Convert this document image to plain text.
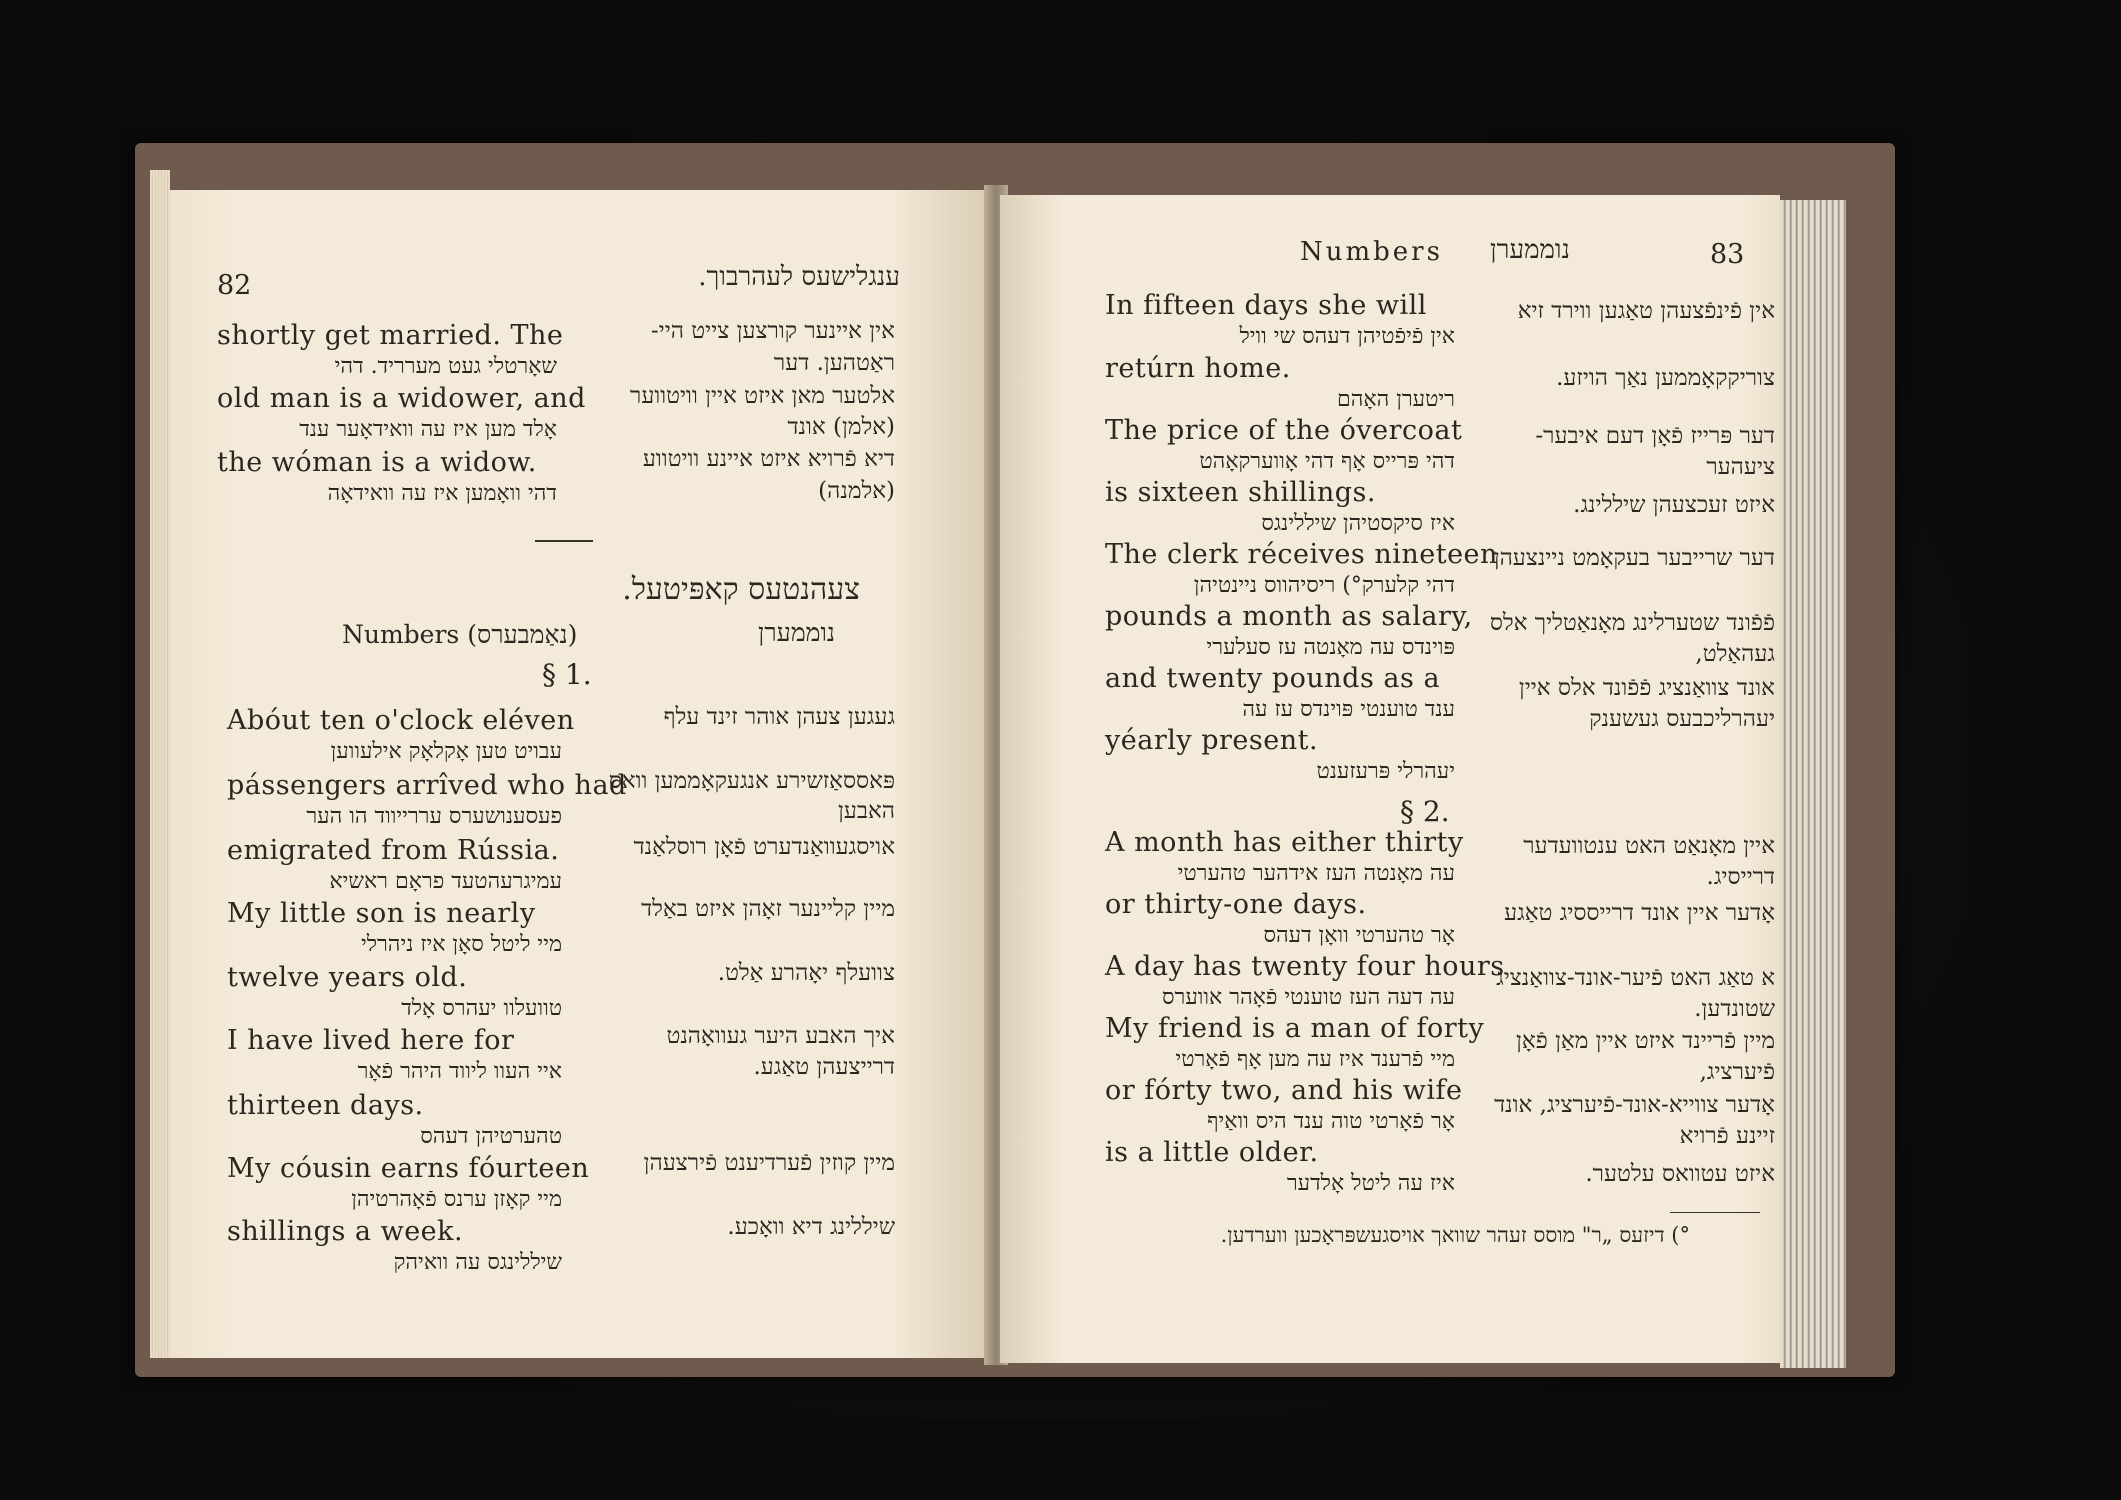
82	ענגלישעס לעהרבוך.
shortly get married. The
שאָרטלי געט מערריד. דהי
אין איינער קורצען צייט היי-
ראַטהען. דער
old man is a widower, and
אָלד מען איז עה וואידאָער ענד
אלטער מאן איזט איין וויטווער
(אלמן) אונד
the wóman is a widow.
דהי וואָמען איז עה וואידאָה
דיא פֿרויא איזט איינע וויטווע
(אלמנה)
צעהנטעס קאפּיטעל.
Numbers (נאַמבערס)	נוממערן
§ 1.
Abóut ten o'clock eléven
עבויט טען אָקלאָק אילעווען
געגען צעהן אוהר זינד עלף
pássengers arrîved who had
פעסענושערס עררייווד הו הער
פּאססאַזשירע אנגעקאָממען וואס
האבען
emigrated from Rússia.
עמיגרעהטעד פראָם ראשיא
אויסגעוואַנדערט פֿאָן רוסלאַנד
My little son is nearly
מיי ליטל סאָן איז ניהרלי
מיין קליינער זאָהן איזט באַלד
twelve years old.
טוועלוו יעהרס אָלד
צוועלף יאָהרע אַלט.
I have lived here for
איי העוו ליווד היהר פֿאָר
איך האבע היער געוואָהנט
דרייצעהן טאַגע.
thirteen days.
טהערטיהן דעהס
My cóusin earns fóurteen
מיי קאָזן ערנס פֿאָהרטיהן
מיין קוזין פֿערדיענט פֿירצעהן
shillings a week.
שיללינגס עה וואיהק
שיללינג דיא וואָכע.
Numbers	נוממערן	83
In fifteen days she will
אין פֿיפֿטיהן דעהס שי וויל
אין פֿינפֿצעהן טאַגען ווירד זיא
retúrn home.
ריטערן האָהם
צוריקקאָממען נאַך הויזע.
The price of the óvercoat
דהי פּרייס אָף דהי אָווערקאָהט
דער פּרייז פֿאָן דעם איבער-
ציעהער
is sixteen shillings.
איז סיקסטיהן שיללינגס
איזט זעכצעהן שיללינג.
The clerk réceives nineteen
דהי קלערק°) ריסיהווס ניינטיהן
דער שרייבער בעקאָמט ניינצעהן
pounds a month as salary,
פּוינדס עה מאָנטה עז סעלערי
פֿפֿונד שטערלינג מאָנאַטליך אלס
געהאַלט,
and twenty pounds as a
ענד טוענטי פּוינדס עז עה
אונד צוואַנציג פֿפֿונד אלס איין
יעהרליכבעס געשענק
yéarly present.
יעהרלי פּרעזענט
§ 2.
A month has either thirty
עה מאָנטה העז אידהער טהערטי
איין מאָנאַט האט ענטוועדער
דרייסיג.
or thirty-one days.
אָר טהערטי וואָן דעהס
אָדער איין אונד דרייססיג טאַגע
A day has twenty four hours
עה דעה העז טוענטי פֿאָהר אווערס
א טאַג האט פֿיער-אונד-צוואַנציג
שטונדען.
My friend is a man of forty
מיי פֿרענד איז עה מען אָף פֿאָרטי
מיין פֿריינד איזט איין מאַן פֿאָן
פֿיערציג,
or fórty two, and his wife
אָר פֿאָרטי טוה ענד היס וואַיף
אָדער צווייא-אונד-פֿיערציג, אונד
זיינע פֿרויא
is a little older.
איז עה ליטל אָלדער	איזט עטוואס עלטער.
°) דיזעס „ר" מוסס זעהר שוואך אויסגעשפּראָכען ווערדען.
